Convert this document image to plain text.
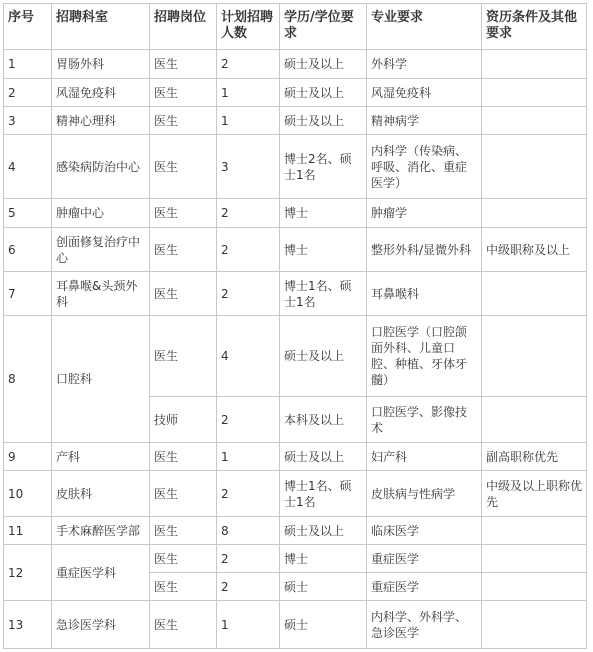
序号	招聘科室	招聘岗位	计划招聘人数	学历/学位要求	专业要求	资历条件及其他要求
1	胃肠外科	医生	2	硕士及以上	外科学	
2	风湿免疫科	医生	1	硕士及以上	风湿免疫科	
3	精神心理科	医生	1	硕士及以上	精神病学	
4	感染病防治中心	医生	3	博士2名、硕士1名	内科学（传染病、呼吸、消化、重症医学）	
5	肿瘤中心	医生	2	博士	肿瘤学	
6	创面修复治疗中心	医生	2	博士	整形外科/显微外科	中级职称及以上
7	耳鼻喉&头颈外科	医生	2	博士1名、硕士1名	耳鼻喉科	
8	口腔科	医生	4	硕士及以上	口腔医学（口腔颌面外科、儿童口腔、种植、牙体牙髓）	
		技师	2	本科及以上	口腔医学、影像技术	
9	产科	医生	1	硕士及以上	妇产科	副高职称优先
10	皮肤科	医生	2	博士1名、硕士1名	皮肤病与性病学	中级及以上职称优先
11	手术麻醉医学部	医生	8	硕士及以上	临床医学	
12	重症医学科	医生	2	博士	重症医学	
		医生	2	硕士	重症医学	
13	急诊医学科	医生	1	硕士	内科学、外科学、急诊医学	
